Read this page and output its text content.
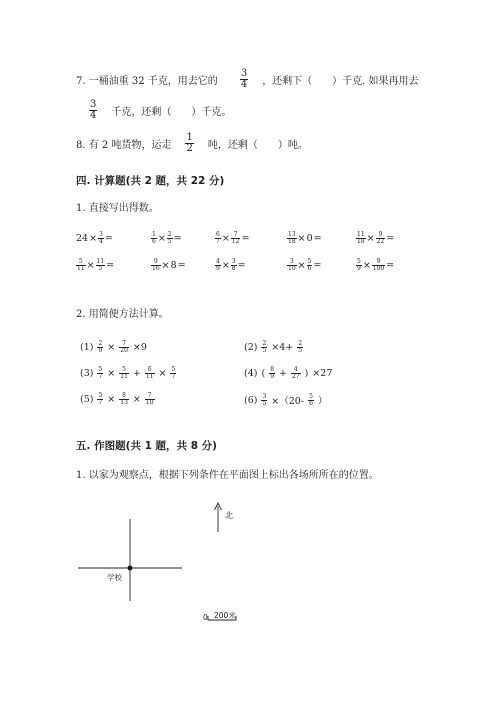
7. 一桶油重 32 千克，用去它的 $\frac{3}{4}$ ，还剩下（　　）千克. 如果再用去
$\frac{3}{4}$ 千克，还剩（　　）千克。
8. 有 2 吨货物，运走 $\frac{1}{2}$ 吨，还剩（　　）吨。
四. 计算题(共 2 题，共 22 分)
1. 直接写出得数。
$24 \times \frac{3}{4}$ =	$\frac{1}{6} \times \frac{2}{5}$ =	$\frac{6}{7} \times \frac{7}{12}$ =	$\frac{13}{18} \times 0$ =	$\frac{11}{18} \times \frac{9}{22}$ =
$\frac{5}{11} \times \frac{11}{5}$ =	$\frac{9}{16} \times 8$ =	$\frac{4}{9} \times \frac{3}{8}$ =	$\frac{3}{10} \times \frac{5}{6}$ =	$\frac{5}{9} \times \frac{9}{100}$ =
2. 用简便方法计算。
$(1) \frac{2}{9} \times \frac{7}{20} \times 9$	$(2) \frac{2}{5} \times 4+ \frac{2}{5}$
$(3) \frac{5}{7} \times \frac{5}{11} + \frac{6}{11} \times \frac{5}{7}$	(4) ( $\frac{8}{9} + \frac{4}{27}$ ) ×27
$(5) \frac{5}{7} \times \frac{8}{13} \times \frac{7}{10}$	$(6) \frac{3}{5} \times(20- \frac{5}{6}$ ）
五. 作图题(共 1 题，共 8 分)
1. 以家为观察点，根据下列条件在平面图上标出各场所所在的位置。
北
学校
0 200米
